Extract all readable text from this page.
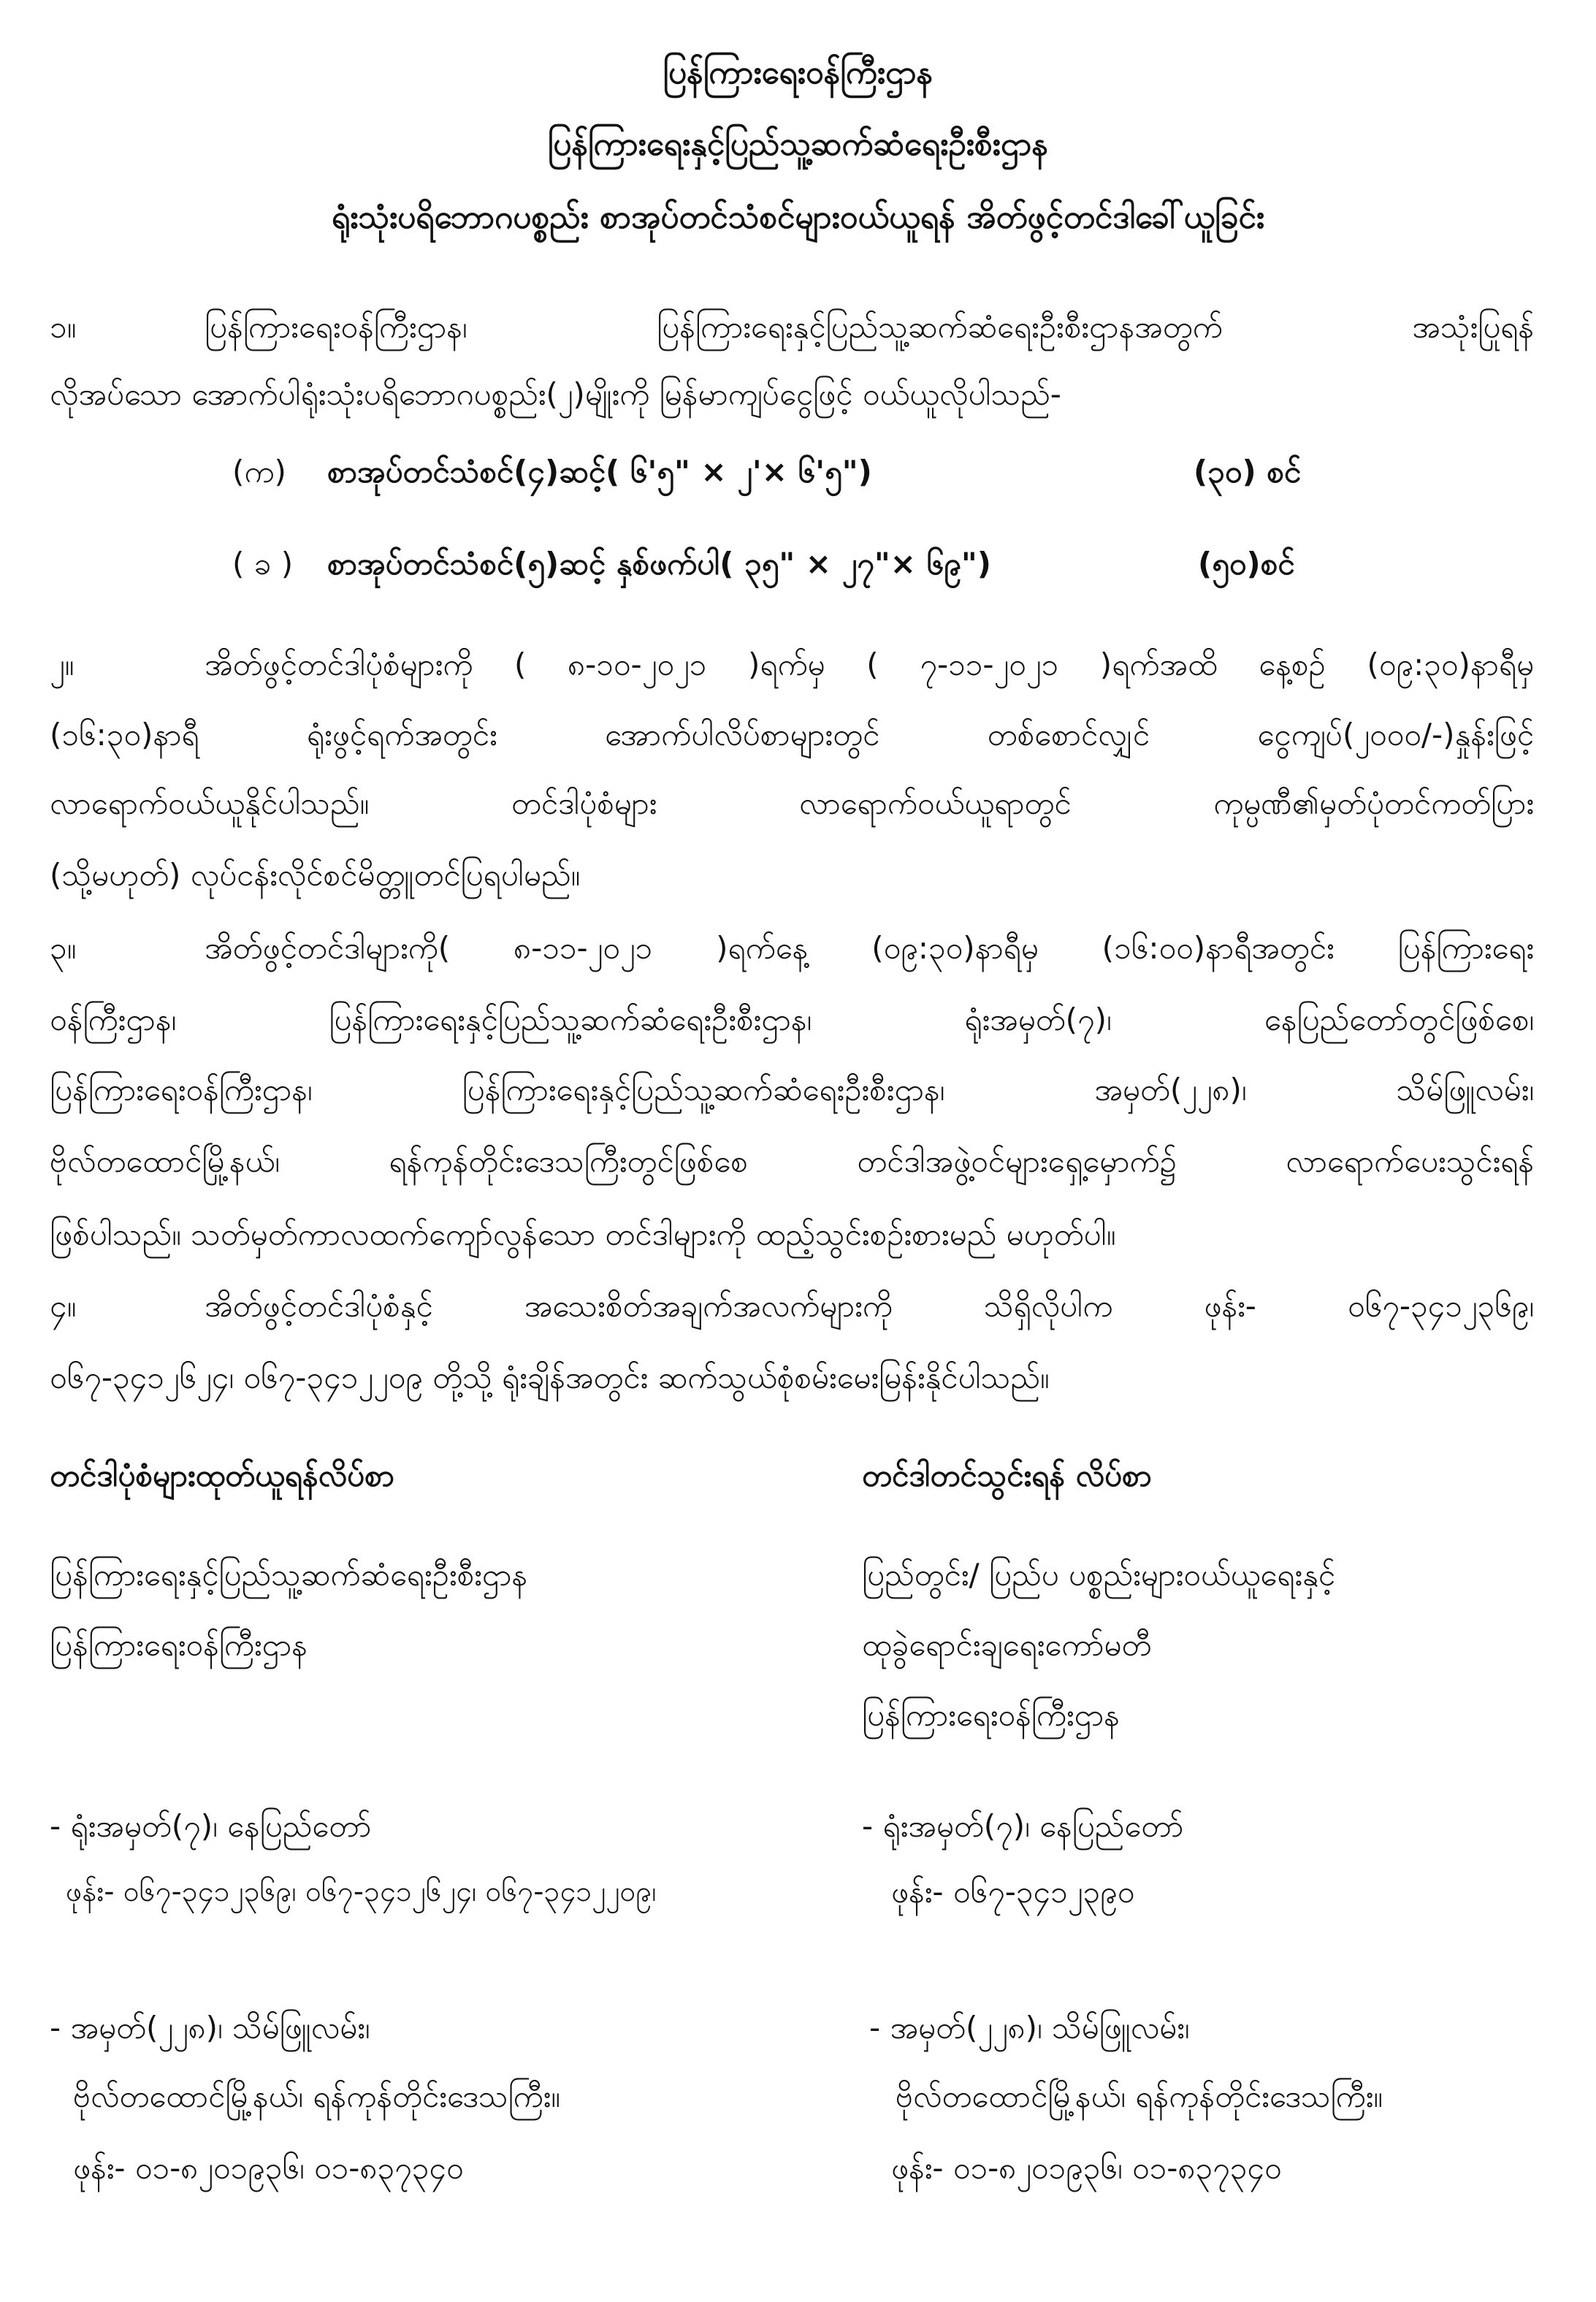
ပြန်ကြားရေးဝန်ကြီးဌာန
ပြန်ကြားရေးနှင့်ပြည်သူ့ဆက်ဆံရေးဦးစီးဌာန
ရုံးသုံးပရိဘောဂပစ္စည်း စာအုပ်တင်သံစင်များဝယ်ယူရန် အိတ်ဖွင့်တင်ဒါခေါ်ယူခြင်း
၁။	ပြန်ကြားရေးဝန်ကြီးဌာန၊ ပြန်ကြားရေးနှင့်ပြည်သူ့ဆက်ဆံရေးဦးစီးဌာနအတွက် အသုံးပြုရန်
လိုအပ်သော အောက်ပါရုံးသုံးပရိဘောဂပစ္စည်း(၂)မျိုးကို မြန်မာကျပ်ငွေဖြင့် ဝယ်ယူလိုပါသည်-
(က) စာအုပ်တင်သံစင်(၄)ဆင့်( ၆'၅" × ၂'× ၆'၅")	(၃၀) စင်
( ခ ) စာအုပ်တင်သံစင်(၅)ဆင့် နှစ်ဖက်ပါ( ၃၅" × ၂၇"× ၆၉")	(၅၀)စင်
၂။	အိတ်ဖွင့်တင်ဒါပုံစံများကို ( ၈-၁၀-၂၀၂၁ )ရက်မှ ( ၇-၁၁-၂၀၂၁ )ရက်အထိ နေ့စဉ် (၀၉:၃၀)နာရီမှ
(၁၆:၃၀)နာရီ ရုံးဖွင့်ရက်အတွင်း အောက်ပါလိပ်စာများတွင် တစ်စောင်လျှင် ငွေကျပ်(၂၀၀၀/-)နှုန်းဖြင့်
လာရောက်ဝယ်ယူနိုင်ပါသည်။ တင်ဒါပုံစံများ လာရောက်ဝယ်ယူရာတွင် ကုမ္ပဏီ၏မှတ်ပုံတင်ကတ်ပြား
(သို့မဟုတ်) လုပ်ငန်းလိုင်စင်မိတ္တူတင်ပြရပါမည်။
၃။	အိတ်ဖွင့်တင်ဒါများကို( ၈-၁၁-၂၀၂၁ )ရက်နေ့ (၀၉:၃၀)နာရီမှ (၁၆:၀၀)နာရီအတွင်း ပြန်ကြားရေး
ဝန်ကြီးဌာန၊ ပြန်ကြားရေးနှင့်ပြည်သူ့ဆက်ဆံရေးဦးစီးဌာန၊ ရုံးအမှတ်(၇)၊ နေပြည်တော်တွင်ဖြစ်စေ၊
ပြန်ကြားရေးဝန်ကြီးဌာန၊ ပြန်ကြားရေးနှင့်ပြည်သူ့ဆက်ဆံရေးဦးစီးဌာန၊ အမှတ်(၂၂၈)၊ သိမ်ဖြူလမ်း၊
ဗိုလ်တထောင်မြို့နယ်၊ ရန်ကုန်တိုင်းဒေသကြီးတွင်ဖြစ်စေ တင်ဒါအဖွဲ့ဝင်များရှေ့မှောက်၌ လာရောက်ပေးသွင်းရန်
ဖြစ်ပါသည်။ သတ်မှတ်ကာလထက်ကျော်လွန်သော တင်ဒါများကို ထည့်သွင်းစဉ်းစားမည် မဟုတ်ပါ။
၄။	အိတ်ဖွင့်တင်ဒါပုံစံနှင့် အသေးစိတ်အချက်အလက်များကို သိရှိလိုပါက ဖုန်း- ၀၆၇-၃၄၁၂၃၆၉၊
၀၆၇-၃၄၁၂၆၂၄၊ ၀၆၇-၃၄၁၂၂၀၉ တို့သို့ ရုံးချိန်အတွင်း ဆက်သွယ်စုံစမ်းမေးမြန်းနိုင်ပါသည်။
တင်ဒါပုံစံများထုတ်ယူရန်လိပ်စာ
ပြန်ကြားရေးနှင့်ပြည်သူ့ဆက်ဆံရေးဦးစီးဌာန
ပြန်ကြားရေးဝန်ကြီးဌာန
- ရုံးအမှတ်(၇)၊ နေပြည်တော်
ဖုန်း- ၀၆၇-၃၄၁၂၃၆၉၊ ၀၆၇-၃၄၁၂၆၂၄၊ ၀၆၇-၃၄၁၂၂၀၉၊
- အမှတ်(၂၂၈)၊ သိမ်ဖြူလမ်း၊
ဗိုလ်တထောင်မြို့နယ်၊ ရန်ကုန်တိုင်းဒေသကြီး။
ဖုန်း- ၀၁-၈၂၀၁၉၃၆၊ ၀၁-၈၃၇၃၄၀
တင်ဒါတင်သွင်းရန် လိပ်စာ
ပြည်တွင်း/ ပြည်ပ ပစ္စည်းများဝယ်ယူရေးနှင့်
ထုခွဲရောင်းချရေးကော်မတီ
ပြန်ကြားရေးဝန်ကြီးဌာန
- ရုံးအမှတ်(၇)၊ နေပြည်တော်
ဖုန်း- ၀၆၇-၃၄၁၂၃၉၀
- အမှတ်(၂၂၈)၊ သိမ်ဖြူလမ်း၊
ဗိုလ်တထောင်မြို့နယ်၊ ရန်ကုန်တိုင်းဒေသကြီး။
ဖုန်း- ၀၁-၈၂၀၁၉၃၆၊ ၀၁-၈၃၇၃၄၀
